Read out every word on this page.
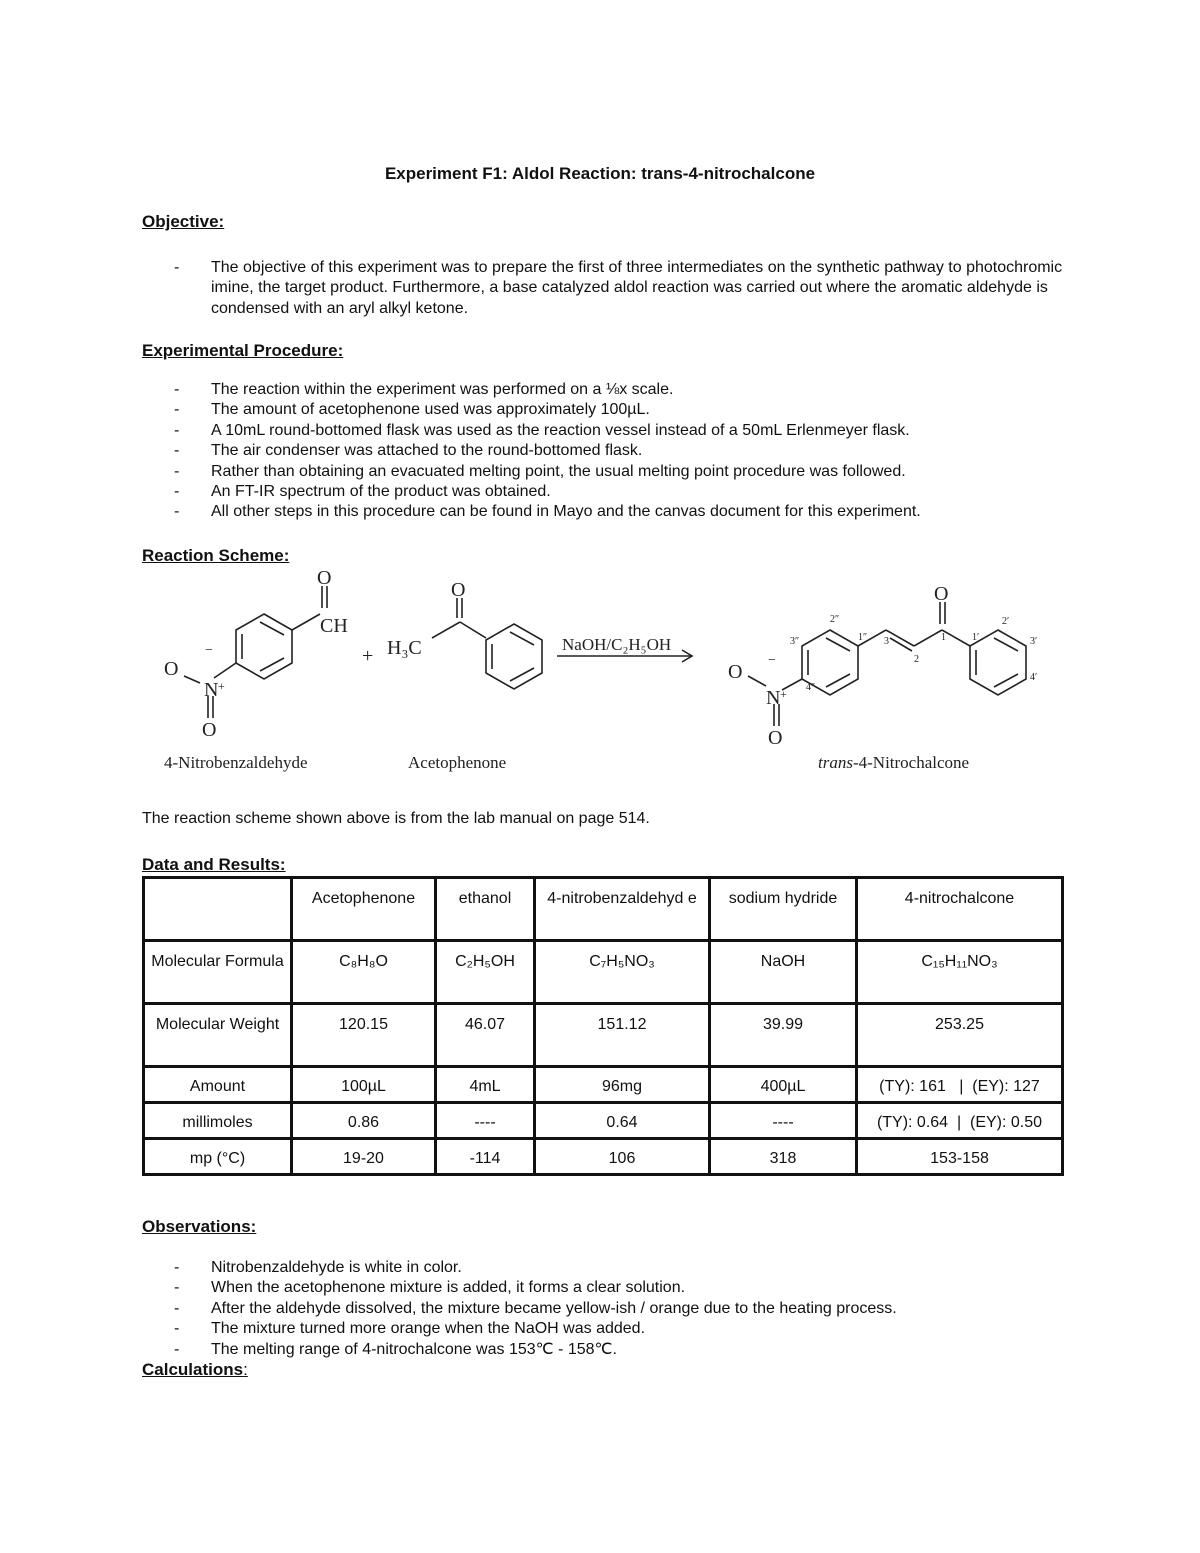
Experiment F1: Aldol Reaction: trans-4-nitrochalcone
Objective:
- The objective of this experiment was to prepare the first of three intermediates on the synthetic pathway to photochromic imine, the target product. Furthermore, a base catalyzed aldol reaction was carried out where the aromatic aldehyde is condensed with an aryl alkyl ketone.
Experimental Procedure:
- The reaction within the experiment was performed on a ⅛x scale.
- The amount of acetophenone used was approximately 100µL.
- A 10mL round-bottomed flask was used as the reaction vessel instead of a 50mL Erlenmeyer flask.
- The air condenser was attached to the round-bottomed flask.
- Rather than obtaining an evacuated melting point, the usual melting point procedure was followed.
- An FT-IR spectrum of the product was obtained.
- All other steps in this procedure can be found in Mayo and the canvas document for this experiment.
Reaction Scheme:
O
CH
N
O
O
−
+
+ H₃C
O
NaOH/C₂H₅OH
O
N
O
O
−
+
1
2
3	1′
2′
3′
4′
1″
2″
3″
4″
4-Nitrobenzaldehyde	Acetophenone	trans-4-Nitrochalcone
The reaction scheme shown above is from the lab manual on page 514.
Data and Results:
	Acetophenone	ethanol	4-nitrobenzaldehyd e	sodium hydride	4-nitrochalcone
Molecular Formula	C₈H₈O	C₂H₅OH	C₇H₅NO₃	NaOH	C₁₅H₁₁NO₃
Molecular Weight	120.15	46.07	151.12	39.99	253.25
Amount	100µL	4mL	96mg	400µL	(TY): 161   |  (EY): 127
millimoles	0.86	----	0.64	----	(TY): 0.64  |  (EY): 0.50
mp (°C)	19-20	-114	106	318	153-158
Observations:
- Nitrobenzaldehyde is white in color.
- When the acetophenone mixture is added, it forms a clear solution.
- After the aldehyde dissolved, the mixture became yellow-ish / orange due to the heating process.
- The mixture turned more orange when the NaOH was added.
- The melting range of 4-nitrochalcone was 153℃ - 158℃.
Calculations:
